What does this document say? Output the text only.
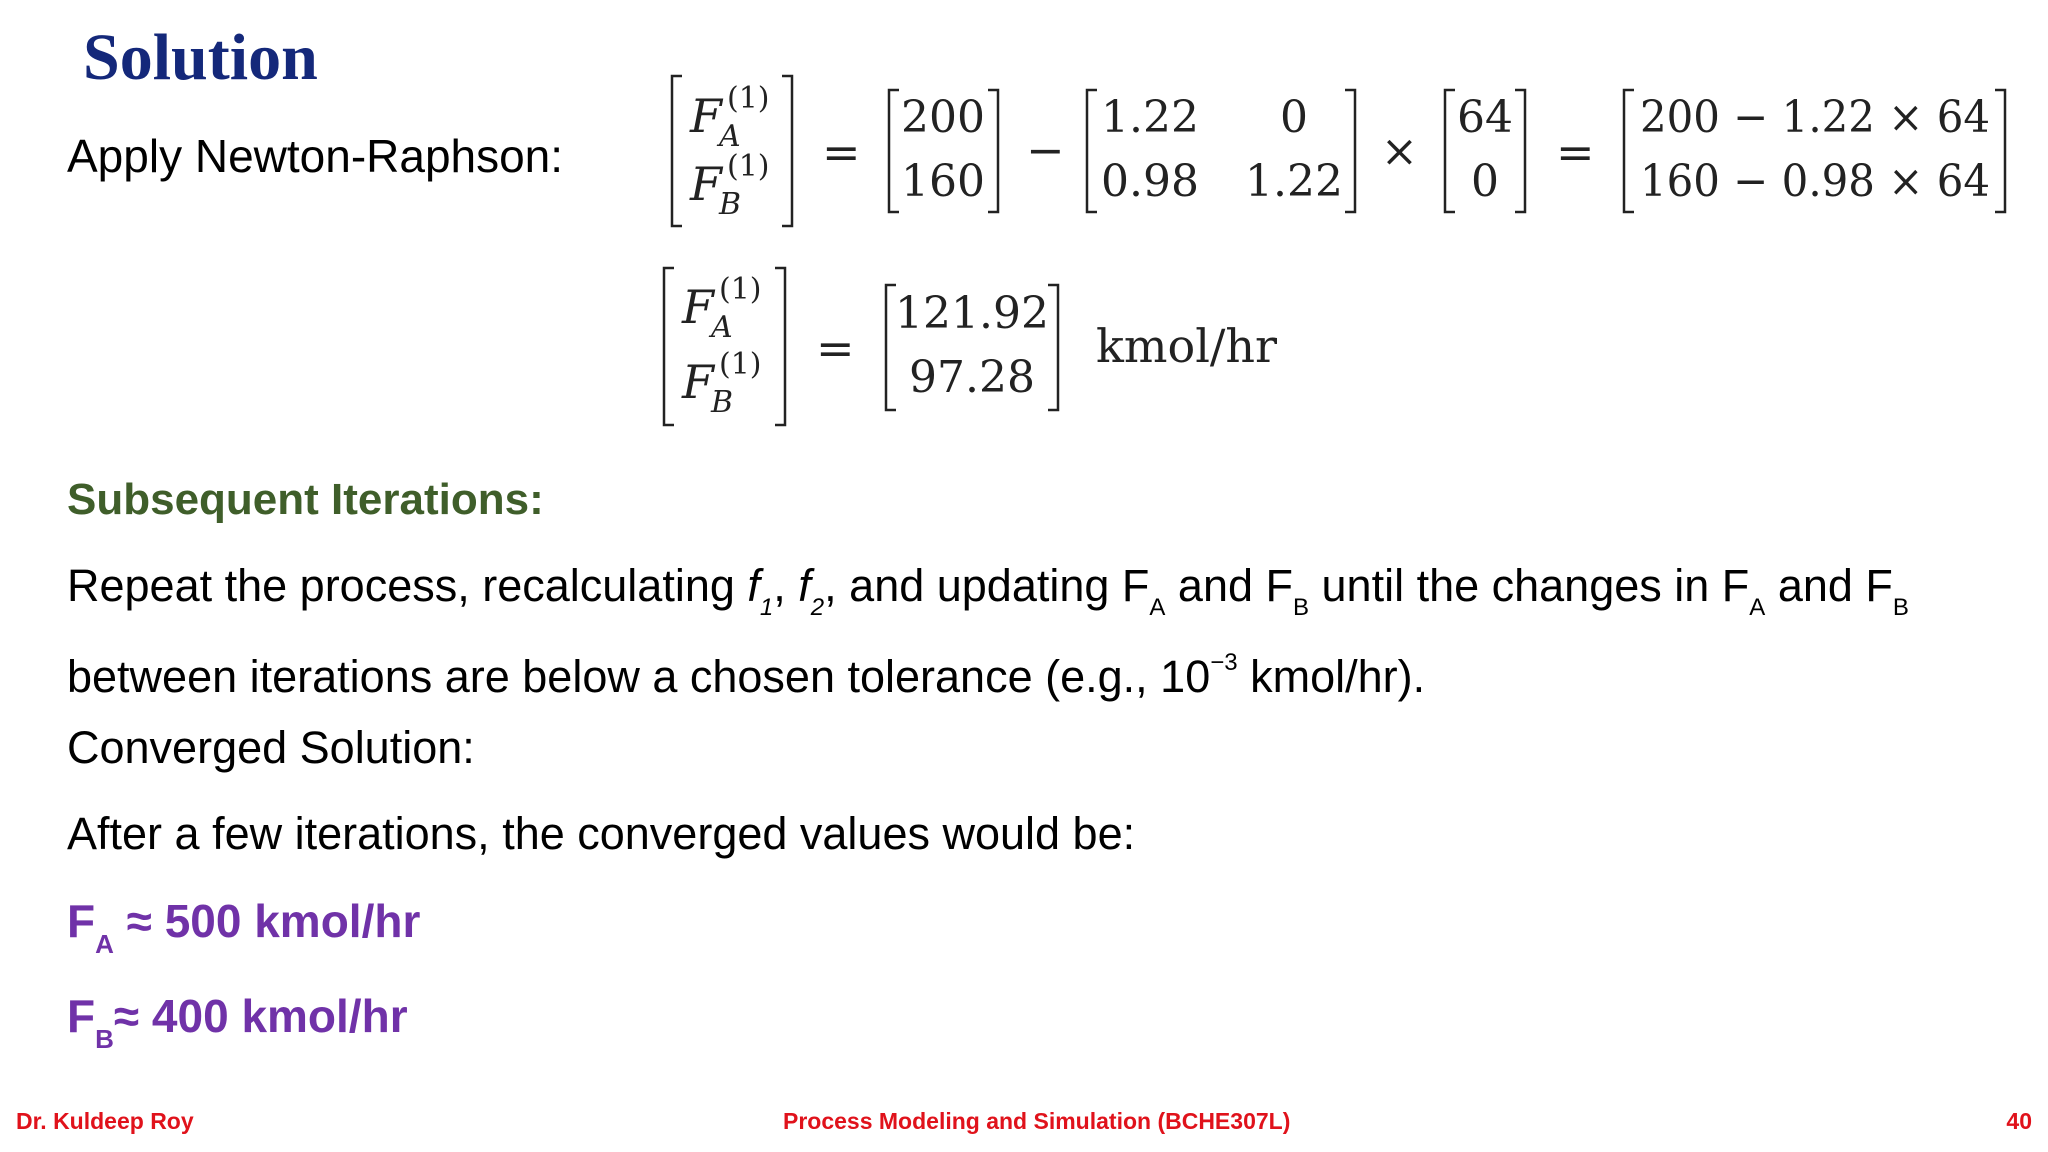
Solution
Apply Newton-Raphson:
F (1)
A
F (1)
B
=
200
160
−
1.22 0
0.98 1.22
×
64
0
=
200 − 1.22 × 64
160 − 0.98 × 64
F (1)
A
F (1)
B
=
121.92
97.28
kmol/hr
Subsequent Iterations:
Repeat the process, recalculating $f_1$, $f_2$, and updating $F_A$ and $F_B$ until the changes in $F_A$ and $F_B$
between iterations are below a chosen tolerance (e.g., $10^{-3}$ kmol/hr).
Converged Solution:
After a few iterations, the converged values would be:
$F_A \approx 500$ kmol/hr
$F_B\approx 400$ kmol/hr
Dr. Kuldeep Roy	Process Modeling and Simulation (BCHE307L)	40
